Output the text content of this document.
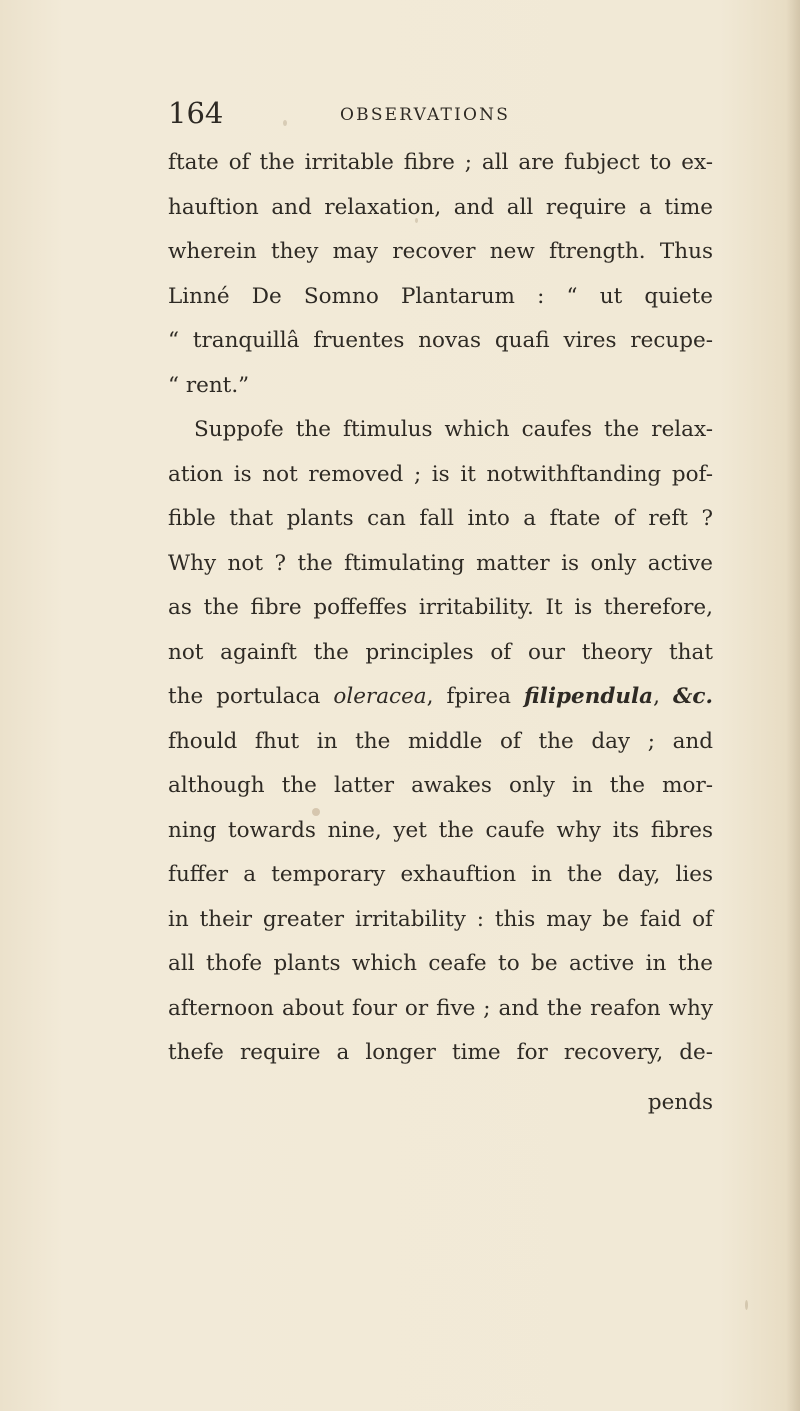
164	OBSERVATIONS
ftate of the irritable fibre ; all are fubject to ex-
hauftion and relaxation, and all require a time
wherein they may recover new ftrength. Thus
Linné De Somno Plantarum : “ ut quiete
“ tranquillâ fruentes novas quafi vires recupe-
“ rent.”
Suppofe the ftimulus which caufes the relax-
ation is not removed ; is it notwithftanding pof-
fible that plants can fall into a ftate of reft ?
Why not ? the ftimulating matter is only active
as the fibre poffeffes irritability. It is therefore,
not againft the principles of our theory that
the portulaca oleracea, fpirea filipendula, &c.
fhould fhut in the middle of the day ; and
although the latter awakes only in the mor-
ning towards nine, yet the caufe why its fibres
fuffer a temporary exhauftion in the day, lies
in their greater irritability : this may be faid of
all thofe plants which ceafe to be active in the
afternoon about four or five ; and the reafon why
thefe require a longer time for recovery, de-
pends
